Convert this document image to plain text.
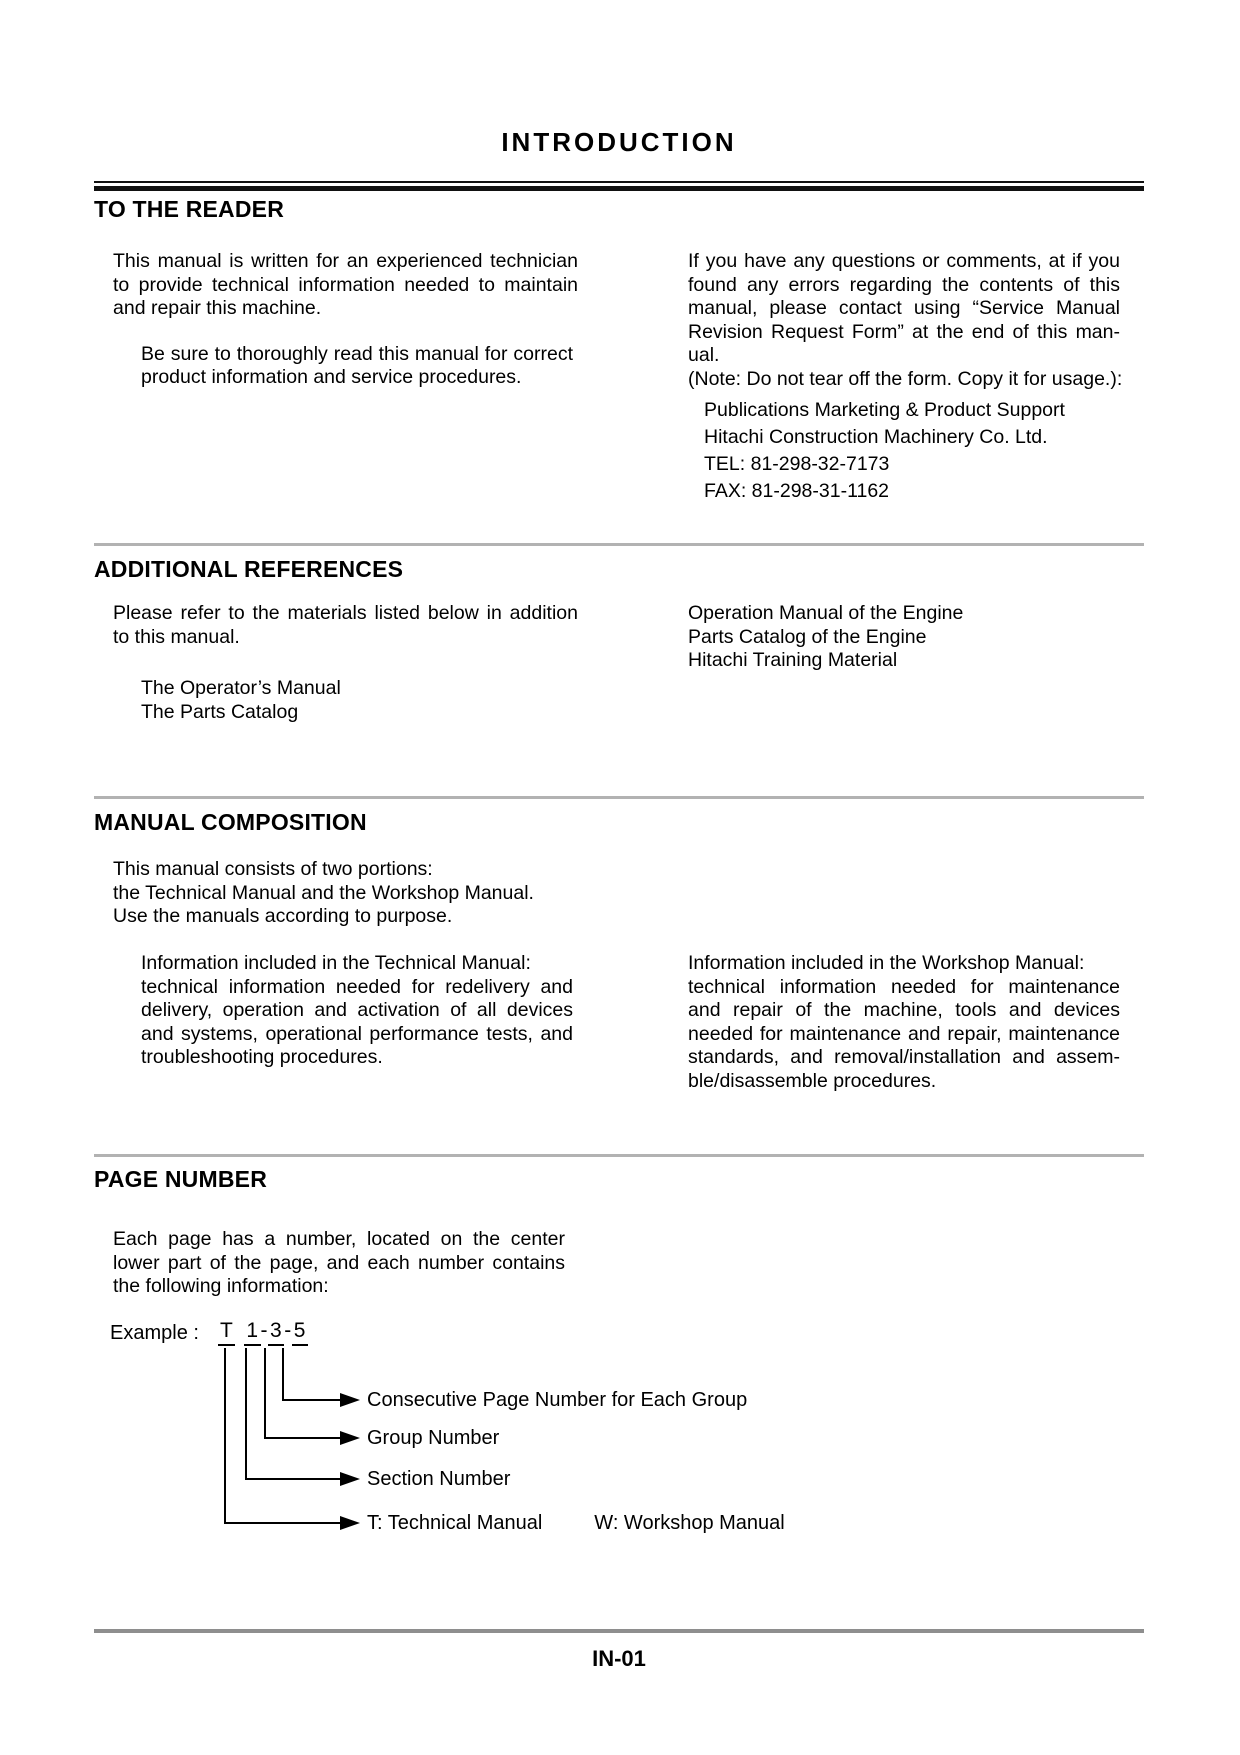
INTRODUCTION
TO THE READER
This manual is written for an experienced technician to provide technical information needed to maintain and repair this machine.
Be sure to thoroughly read this manual for correct product information and service procedures.
If you have any questions or comments, at if you found any errors regarding the contents of this manual, please contact using “Service Manual Revision Request Form” at the end of this manual.
(Note: Do not tear off the form. Copy it for usage.):
Publications Marketing & Product Support
Hitachi Construction Machinery Co. Ltd.
TEL: 81-298-32-7173
FAX: 81-298-31-1162
ADDITIONAL REFERENCES
Please refer to the materials listed below in addition to this manual.
The Operator’s Manual
The Parts Catalog
Operation Manual of the Engine
Parts Catalog of the Engine
Hitachi Training Material
MANUAL COMPOSITION
This manual consists of two portions:
the Technical Manual and the Workshop Manual.
Use the manuals according to purpose.
Information included in the Technical Manual:
technical information needed for redelivery and delivery, operation and activation of all devices and systems, operational performance tests, and troubleshooting procedures.
Information included in the Workshop Manual:
technical information needed for maintenance and repair of the machine, tools and devices needed for maintenance and repair, maintenance standards, and removal/installation and assemble/disassemble procedures.
PAGE NUMBER
Each page has a number, located on the center lower part of the page, and each number contains the following information:
Example : T 1-3-5
Consecutive Page Number for Each Group
Group Number
Section Number
T: Technical Manual	W: Workshop Manual
IN-01
